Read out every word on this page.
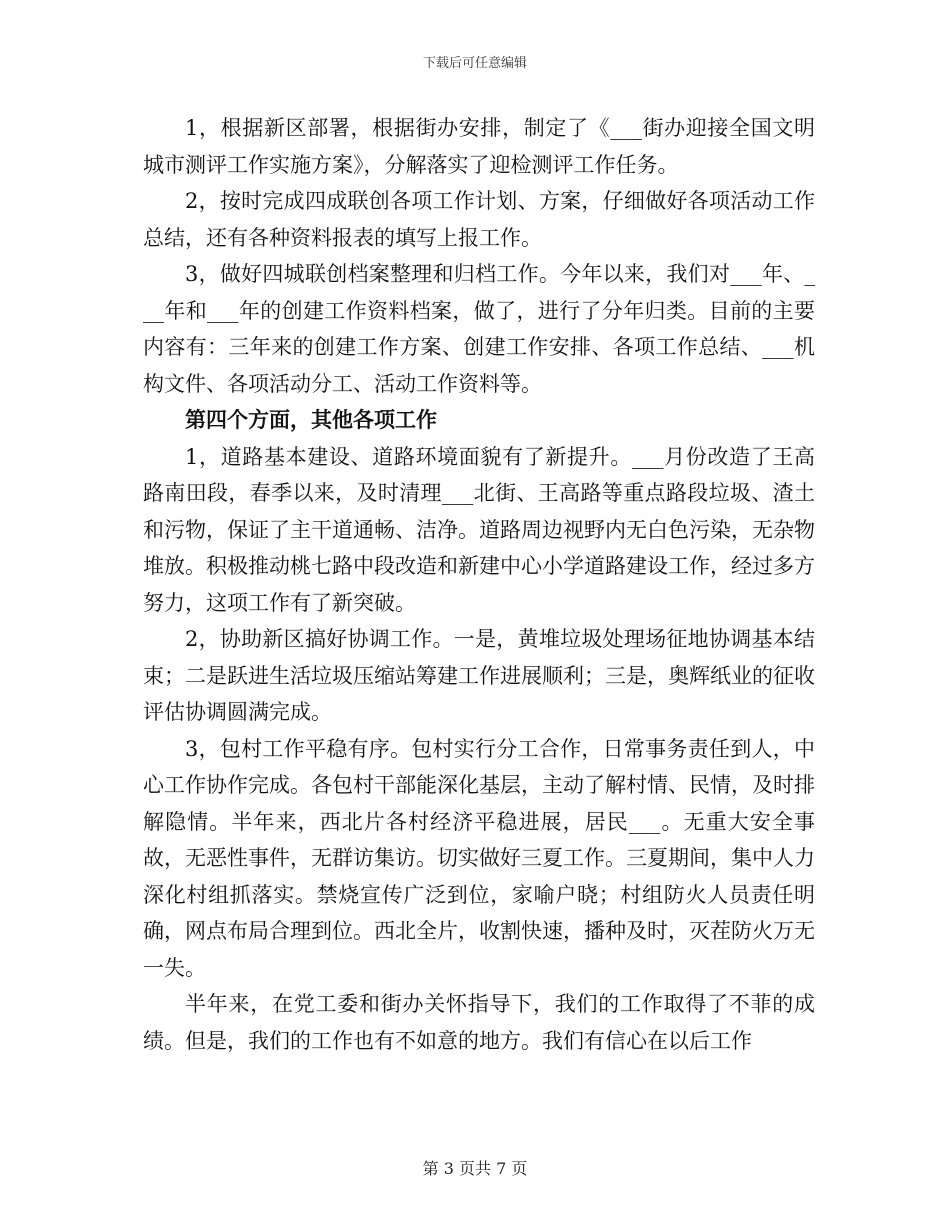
下载后可任意编辑

1，根据新区部署，根据街办安排，制定了《___街办迎接全国文明城市测评工作实施方案》，分解落实了迎检测评工作任务。

2，按时完成四成联创各项工作计划、方案，仔细做好各项活动工作总结，还有各种资料报表的填写上报工作。

3，做好四城联创档案整理和归档工作。今年以来，我们对___年、___年和___年的创建工作资料档案，做了，进行了分年归类。目前的主要内容有：三年来的创建工作方案、创建工作安排、各项工作总结、___机构文件、各项活动分工、活动工作资料等。

第四个方面，其他各项工作

1，道路基本建设、道路环境面貌有了新提升。___月份改造了王高路南田段，春季以来，及时清理___北街、王高路等重点路段垃圾、渣土和污物，保证了主干道通畅、洁净。道路周边视野内无白色污染，无杂物堆放。积极推动桃七路中段改造和新建中心小学道路建设工作，经过多方努力，这项工作有了新突破。

2，协助新区搞好协调工作。一是，黄堆垃圾处理场征地协调基本结束；二是跃进生活垃圾压缩站筹建工作进展顺利；三是，奥辉纸业的征收评估协调圆满完成。

3，包村工作平稳有序。包村实行分工合作，日常事务责任到人，中心工作协作完成。各包村干部能深化基层，主动了解村情、民情，及时排解隐情。半年来，西北片各村经济平稳进展，居民___。无重大安全事故，无恶性事件，无群访集访。切实做好三夏工作。三夏期间，集中人力深化村组抓落实。禁烧宣传广泛到位，家喻户晓；村组防火人员责任明确，网点布局合理到位。西北全片，收割快速，播种及时，灭茬防火万无一失。

半年来，在党工委和街办关怀指导下，我们的工作取得了不菲的成绩。但是，我们的工作也有不如意的地方。我们有信心在以后工作

第 3 页共 7 页
